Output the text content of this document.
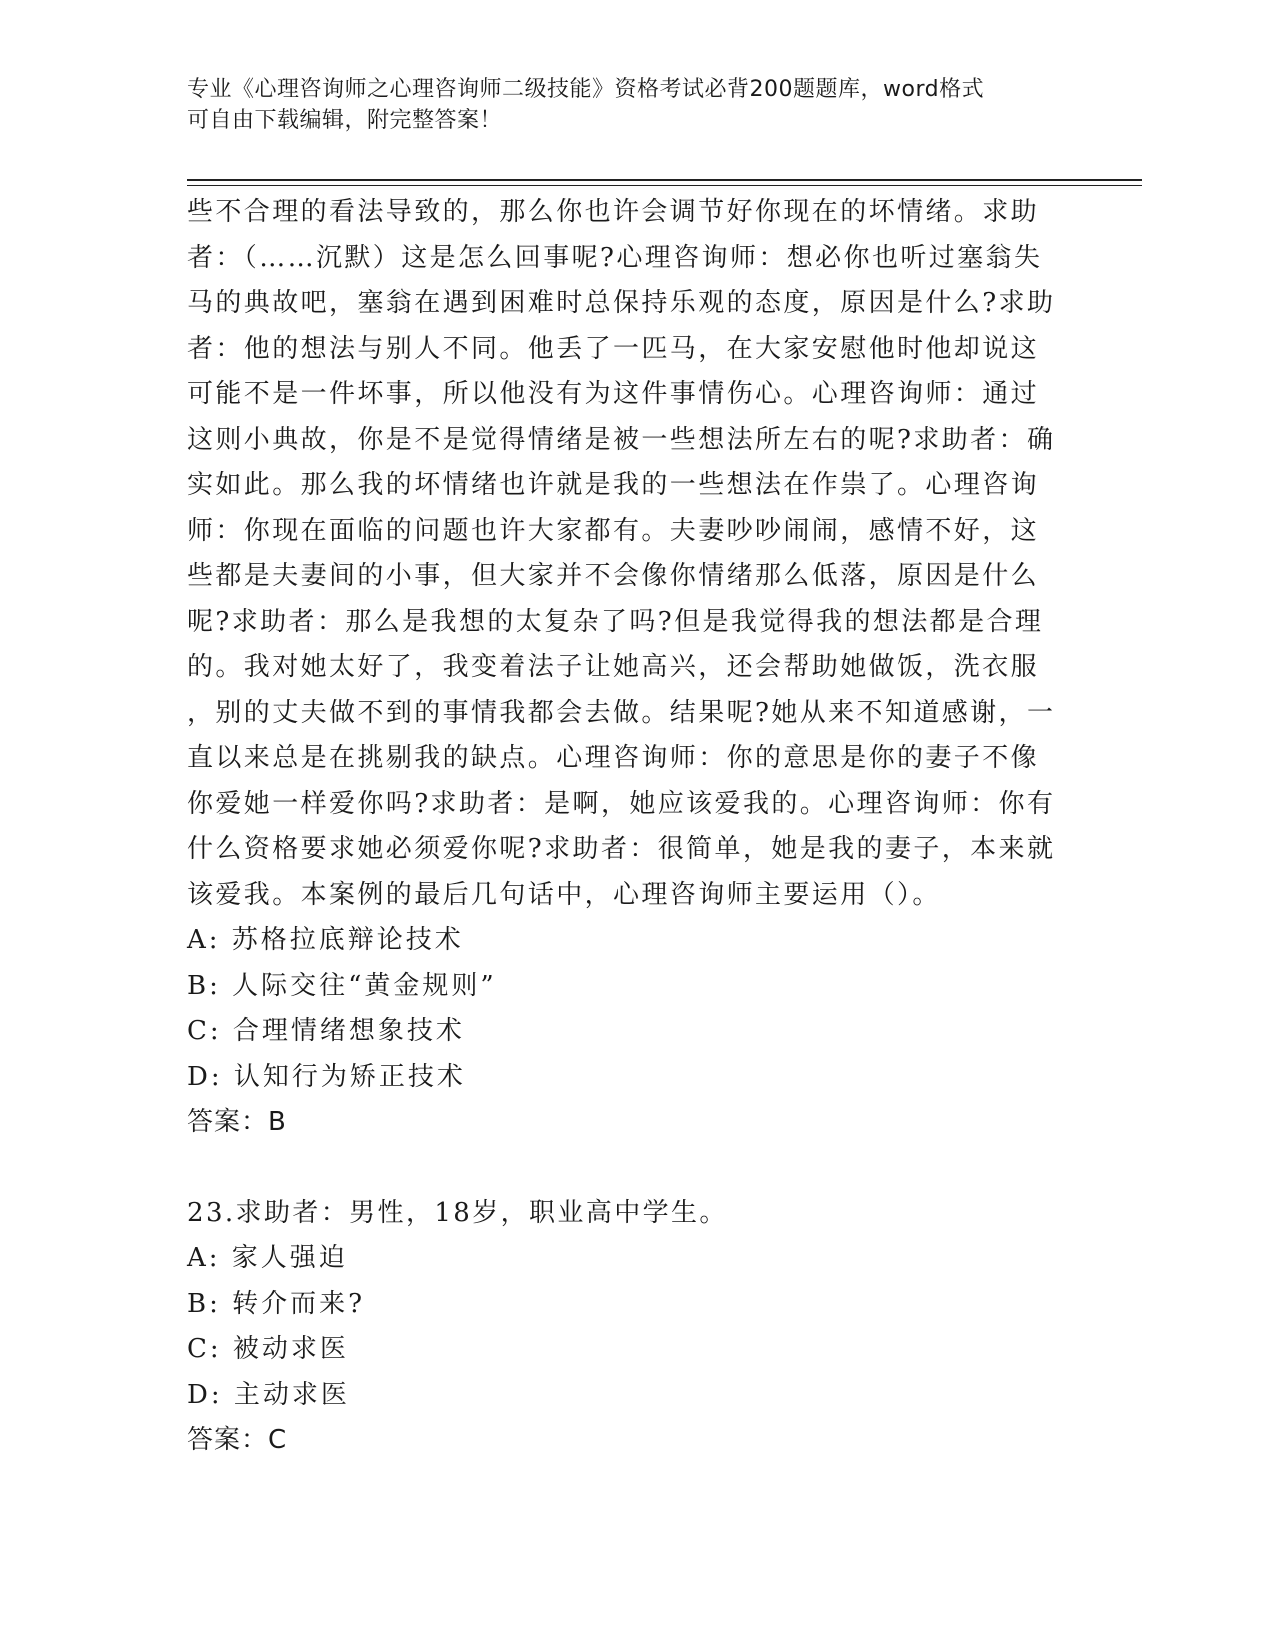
专业《心理咨询师之心理咨询师二级技能》资格考试必背200题题库，word格式
可自由下载编辑，附完整答案！
些不合理的看法导致的，那么你也许会调节好你现在的坏情绪。求助
者：（……沉默）这是怎么回事呢?心理咨询师：想必你也听过塞翁失
马的典故吧，塞翁在遇到困难时总保持乐观的态度，原因是什么?求助
者：他的想法与别人不同。他丢了一匹马，在大家安慰他时他却说这
可能不是一件坏事，所以他没有为这件事情伤心。心理咨询师：通过
这则小典故，你是不是觉得情绪是被一些想法所左右的呢?求助者：确
实如此。那么我的坏情绪也许就是我的一些想法在作祟了。心理咨询
师：你现在面临的问题也许大家都有。夫妻吵吵闹闹，感情不好，这
些都是夫妻间的小事，但大家并不会像你情绪那么低落，原因是什么
呢?求助者：那么是我想的太复杂了吗?但是我觉得我的想法都是合理
的。我对她太好了，我变着法子让她高兴，还会帮助她做饭，洗衣服
，别的丈夫做不到的事情我都会去做。结果呢?她从来不知道感谢，一
直以来总是在挑剔我的缺点。心理咨询师：你的意思是你的妻子不像
你爱她一样爱你吗?求助者：是啊，她应该爱我的。心理咨询师：你有
什么资格要求她必须爱你呢?求助者：很简单，她是我的妻子，本来就
该爱我。本案例的最后几句话中，心理咨询师主要运用（）。
A: 苏格拉底辩论技术
B: 人际交往“黄金规则”
C: 合理情绪想象技术
D: 认知行为矫正技术
答案：B
23.求助者：男性，18岁，职业高中学生。
A: 家人强迫
B: 转介而来?
C: 被动求医
D: 主动求医
答案：C
